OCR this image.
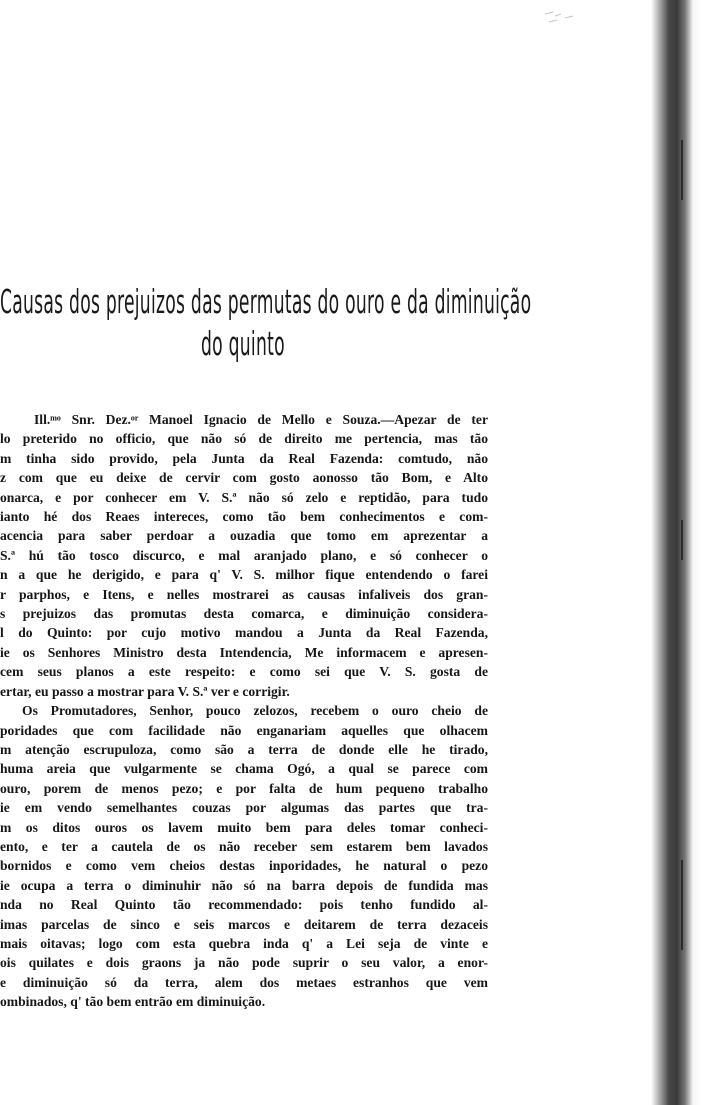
Causas dos prejuizos das permutas do ouro e da diminuição
do quinto
Ill.ᵐᵒ Snr. Dez.ᵒʳ Manoel Ignacio de Mello e Souza.—Apezar de ter
lo preterido no officio, que não só de direito me pertencia, mas tão
m tinha sido provido, pela Junta da Real Fazenda: comtudo, não
z com que eu deixe de cervir com gosto aonosso tão Bom, e Alto
onarca, e por conhecer em V. S.ª não só zelo e reptidão, para tudo
ianto hé dos Reaes intereces, como tão bem conhecimentos e com-
acencia para saber perdoar a ouzadia que tomo em aprezentar a
S.ª hú tão tosco discurco, e mal aranjado plano, e só conhecer o
n a que he derigido, e para q' V. S. milhor fique entendendo o farei
r parphos, e Itens, e nelles mostrarei as causas infaliveis dos gran-
s prejuizos das promutas desta comarca, e diminuição considera-
l do Quinto: por cujo motivo mandou a Junta da Real Fazenda,
ie os Senhores Ministro desta Intendencia, Me informacem e apresen-
cem seus planos a este respeito: e como sei que V. S. gosta de
ertar, eu passo a mostrar para V. S.ª ver e corrigir.
Os Promutadores, Senhor, pouco zelozos, recebem o ouro cheio de
poridades que com facilidade não enganariam aquelles que olhacem
m atenção escrupuloza, como são a terra de donde elle he tirado,
huma areia que vulgarmente se chama Ogó, a qual se parece com
ouro, porem de menos pezo; e por falta de hum pequeno trabalho
ie em vendo semelhantes couzas por algumas das partes que tra-
m os ditos ouros os lavem muito bem para deles tomar conheci-
ento, e ter a cautela de os não receber sem estarem bem lavados
bornidos e como vem cheios destas inporidades, he natural o pezo
ie ocupa a terra o diminuhir não só na barra depois de fundida mas
nda no Real Quinto tão recommendado: pois tenho fundido al-
imas parcelas de sinco e seis marcos e deitarem de terra dezaceis
mais oitavas; logo com esta quebra inda q' a Lei seja de vinte e
ois quilates e dois graons ja não pode suprir o seu valor, a enor-
e diminuição só da terra, alem dos metaes estranhos que vem
ombinados, q' tão bem entrão em diminuição.
